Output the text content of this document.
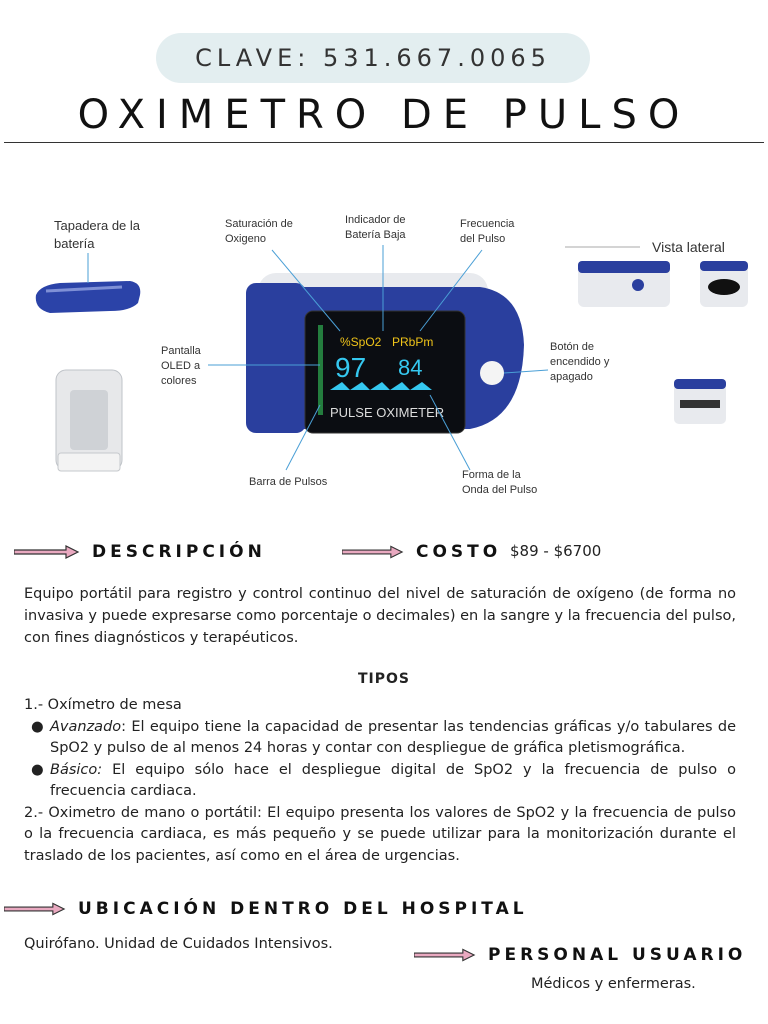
CLAVE: 531.667.0065
OXIMETRO DE PULSO
%SpO2 PRbPm
97 84
PULSE OXIMETER
Tapadera de la batería
Saturación de Oxigeno
Indicador de Batería Baja
Frecuencia del Pulso
Vista lateral
Pantalla OLED a colores
Botón de encendido y apagado
Barra de Pulsos
Forma de la Onda del Pulso
DESCRIPCIÓN	COSTO $89 - $6700
Equipo portátil para registro y control continuo del nivel de saturación de oxígeno (de forma no invasiva y puede expresarse como porcentaje o decimales) en la sangre y la frecuencia del pulso, con fines diagnósticos y terapéuticos.
TIPOS
1.- Oxímetro de mesa
● Avanzado: El equipo tiene la capacidad de presentar las tendencias gráficas y/o tabulares de SpO2 y pulso de al menos 24 horas y contar con despliegue de gráfica pletismográfica.
● Básico: El equipo sólo hace el despliegue digital de SpO2 y la frecuencia de pulso o frecuencia cardiaca.
2.- Oximetro de mano o portátil: El equipo presenta los valores de SpO2 y la frecuencia de pulso o la frecuencia cardiaca, es más pequeño y se puede utilizar para la monitorización durante el traslado de los pacientes, así como en el área de urgencias.
UBICACIÓN DENTRO DEL HOSPITAL
Quirófano. Unidad de Cuidados Intensivos.
PERSONAL USUARIO
Médicos y enfermeras.
